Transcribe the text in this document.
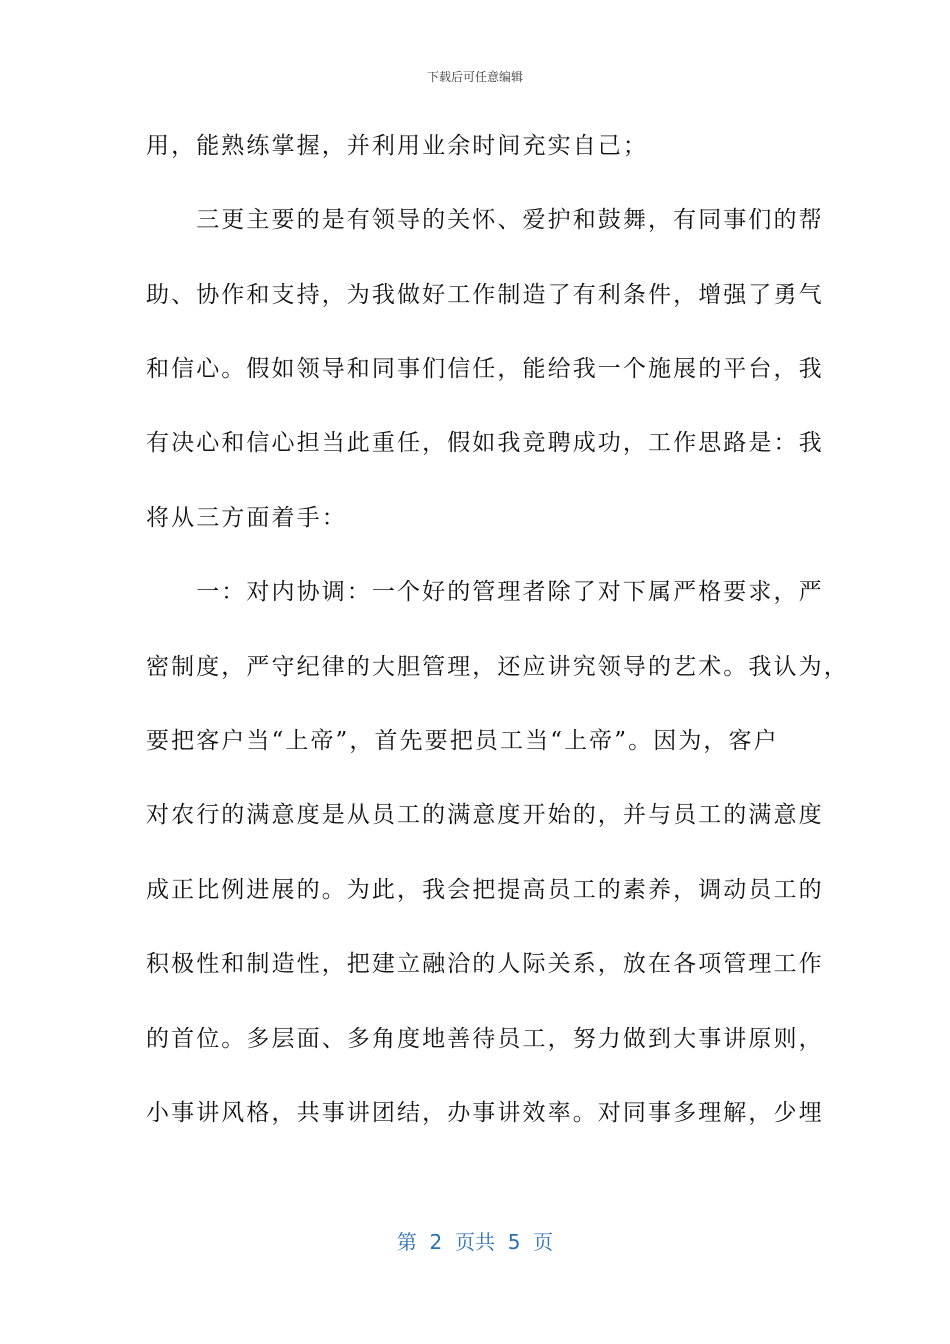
下载后可任意编辑
用，能熟练掌握，并利用业余时间充实自己；
　　三更主要的是有领导的关怀、爱护和鼓舞，有同事们的帮
助、协作和支持，为我做好工作制造了有利条件，增强了勇气
和信心。假如领导和同事们信任，能给我一个施展的平台，我
有决心和信心担当此重任，假如我竞聘成功，工作思路是：我
将从三方面着手：
　　一：对内协调：一个好的管理者除了对下属严格要求，严
密制度，严守纪律的大胆管理，还应讲究领导的艺术。我认为，
要把客户当“上帝”，首先要把员工当“上帝”。因为，客户
对农行的满意度是从员工的满意度开始的，并与员工的满意度
成正比例进展的。为此，我会把提高员工的素养，调动员工的
积极性和制造性，把建立融洽的人际关系，放在各项管理工作
的首位。多层面、多角度地善待员工，努力做到大事讲原则，
小事讲风格，共事讲团结，办事讲效率。对同事多理解，少埋
第  2  页共  5  页
